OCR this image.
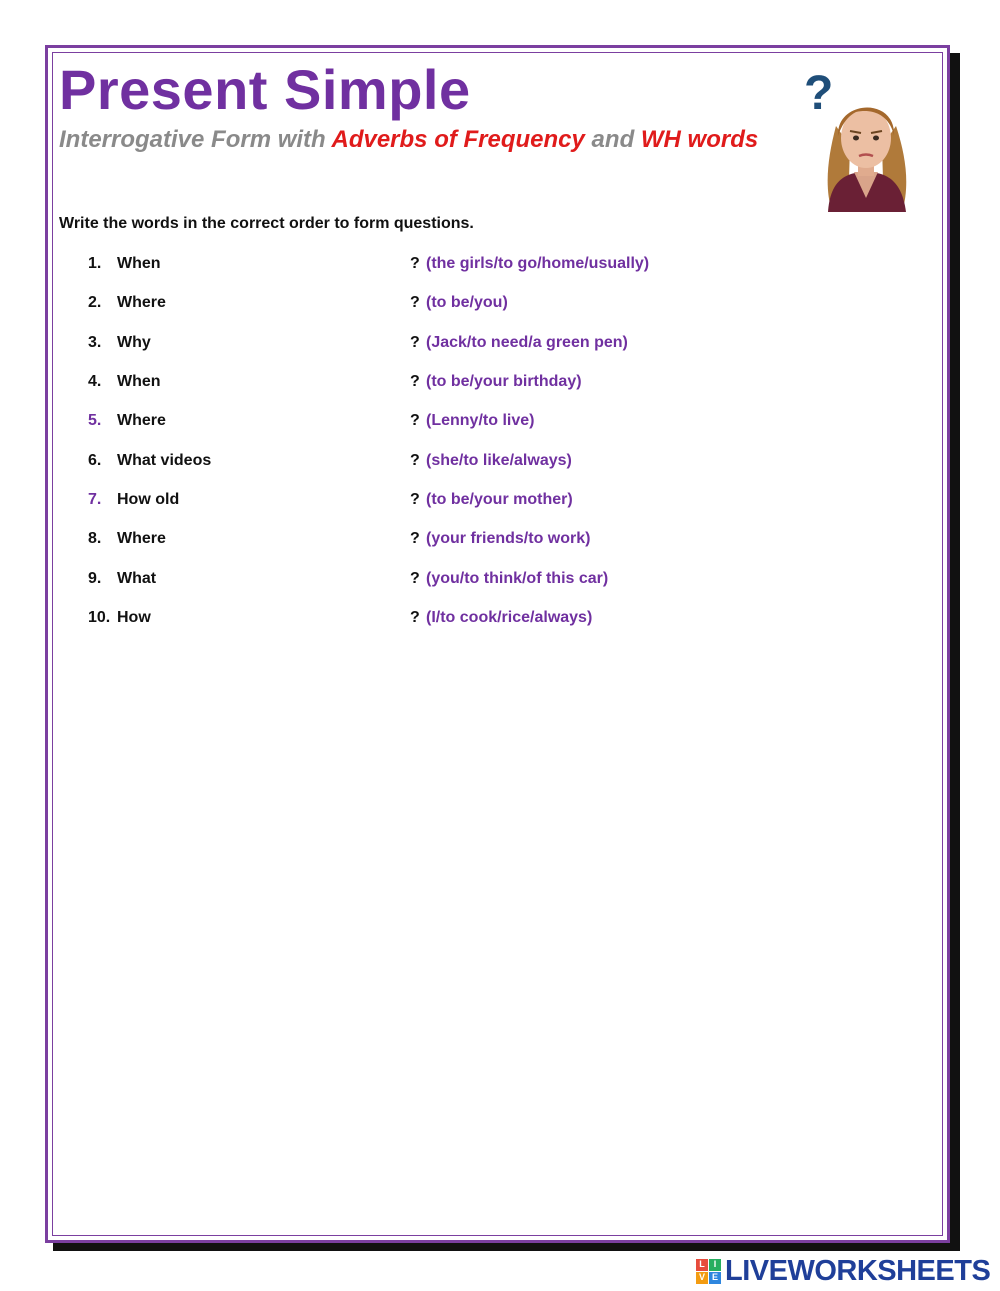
Present Simple

Interrogative Form with Adverbs of Frequency and WH words

?

Write the words in the correct order to form questions.

1. When	? (the girls/to go/home/usually)
2. Where	? (to be/you)
3. Why	? (Jack/to need/a green pen)
4. When	? (to be/your birthday)
5. Where	? (Lenny/to live)
6. What videos	? (she/to like/always)
7. How old	? (to be/your mother)
8. Where	? (your friends/to work)
9. What	? (you/to think/of this car)
10. How	? (I/to cook/rice/always)
L I
V E LIVEWORKSHEETS
